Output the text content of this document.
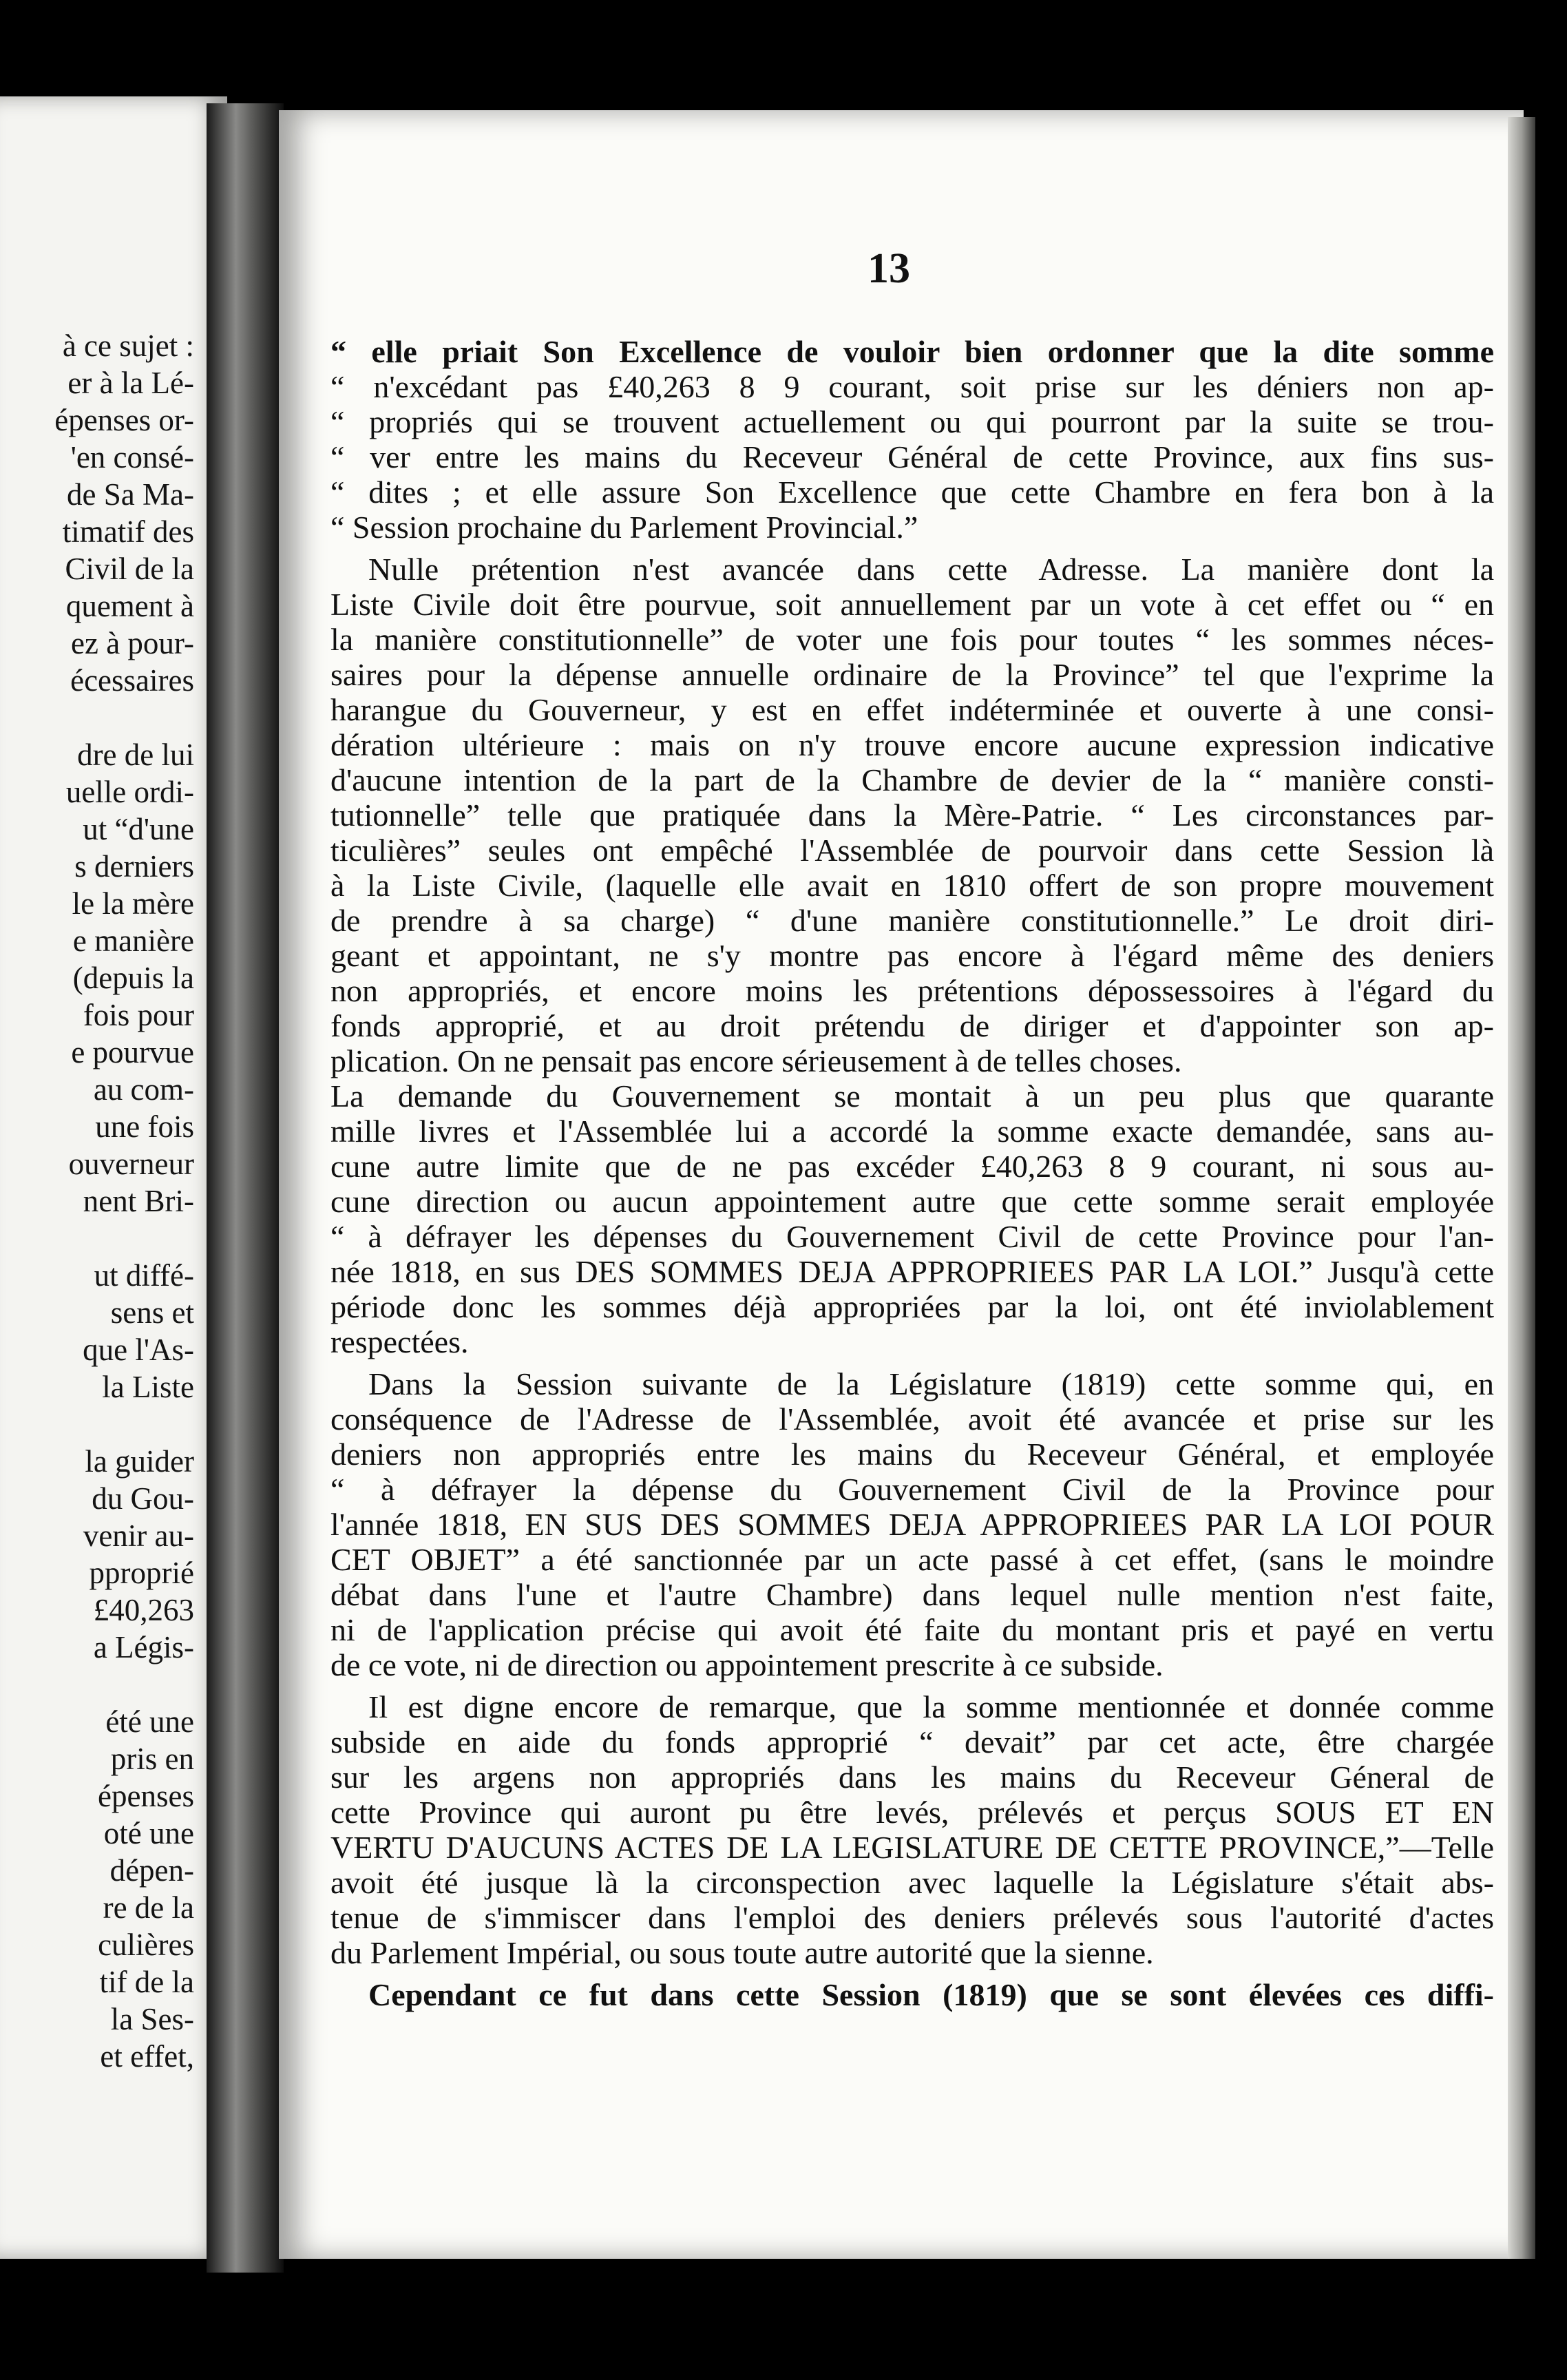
à ce sujet :
er à la Lé-
épenses or-
'en consé-
de Sa Ma-
timatif des
Civil de la
quement à
ez à pour-
écessaires
dre de lui
uelle ordi-
ut “d'une
s derniers
le la mère
e manière
(depuis la
fois pour
e pourvue
au com-
une fois
ouverneur
nent Bri-
ut diffé-
sens et
que l'As-
la Liste
la guider
du Gou-
venir au-
pproprié
£40,263
a Légis-
été une
pris en
épenses
oté une
dépen-
re de la
culières
tif de la
la Ses-
et effet,
13
“ elle priait Son Excellence de vouloir bien ordonner que la dite somme
“ n'excédant pas £40,263 8 9 courant, soit prise sur les déniers non ap-
“ propriés qui se trouvent actuellement ou qui pourront par la suite se trou-
“ ver entre les mains du Receveur Général de cette Province, aux fins sus-
“ dites ; et elle assure Son Excellence que cette Chambre en fera bon à la
“ Session prochaine du Parlement Provincial.”
Nulle prétention n'est avancée dans cette Adresse. La manière dont la
Liste Civile doit être pourvue, soit annuellement par un vote à cet effet ou “ en
la manière constitutionnelle” de voter une fois pour toutes “ les sommes néces-
saires pour la dépense annuelle ordinaire de la Province” tel que l'exprime la
harangue du Gouverneur, y est en effet indéterminée et ouverte à une consi-
dération ultérieure : mais on n'y trouve encore aucune expression indicative
d'aucune intention de la part de la Chambre de devier de la “ manière consti-
tutionnelle” telle que pratiquée dans la Mère-Patrie. “ Les circonstances par-
ticulières” seules ont empêché l'Assemblée de pourvoir dans cette Session là
à la Liste Civile, (laquelle elle avait en 1810 offert de son propre mouvement
de prendre à sa charge) “ d'une manière constitutionnelle.” Le droit diri-
geant et appointant, ne s'y montre pas encore à l'égard même des deniers
non appropriés, et encore moins les prétentions dépossessoires à l'égard du
fonds approprié, et au droit prétendu de diriger et d'appointer son ap-
plication. On ne pensait pas encore sérieusement à de telles choses.
La demande du Gouvernement se montait à un peu plus que quarante
mille livres et l'Assemblée lui a accordé la somme exacte demandée, sans au-
cune autre limite que de ne pas excéder £40,263 8 9 courant, ni sous au-
cune direction ou aucun appointement autre que cette somme serait employée
“ à défrayer les dépenses du Gouvernement Civil de cette Province pour l'an-
née 1818, en sus DES SOMMES DEJA APPROPRIEES PAR LA LOI.” Jusqu'à cette
période donc les sommes déjà appropriées par la loi, ont été inviolablement
respectées.
Dans la Session suivante de la Législature (1819) cette somme qui, en
conséquence de l'Adresse de l'Assemblée, avoit été avancée et prise sur les
deniers non appropriés entre les mains du Receveur Général, et employée
“ à défrayer la dépense du Gouvernement Civil de la Province pour
l'année 1818, EN SUS DES SOMMES DEJA APPROPRIEES PAR LA LOI POUR
CET OBJET” a été sanctionnée par un acte passé à cet effet, (sans le moindre
débat dans l'une et l'autre Chambre) dans lequel nulle mention n'est faite,
ni de l'application précise qui avoit été faite du montant pris et payé en vertu
de ce vote, ni de direction ou appointement prescrite à ce subside.
Il est digne encore de remarque, que la somme mentionnée et donnée comme
subside en aide du fonds approprié “ devait” par cet acte, être chargée
sur les argens non appropriés dans les mains du Receveur Géneral de
cette Province qui auront pu être levés, prélevés et perçus SOUS ET EN
VERTU D'AUCUNS ACTES DE LA LEGISLATURE DE CETTE PROVINCE,”—Telle
avoit été jusque là la circonspection avec laquelle la Législature s'était abs-
tenue de s'immiscer dans l'emploi des deniers prélevés sous l'autorité d'actes
du Parlement Impérial, ou sous toute autre autorité que la sienne.
Cependant ce fut dans cette Session (1819) que se sont élevées ces diffi-
